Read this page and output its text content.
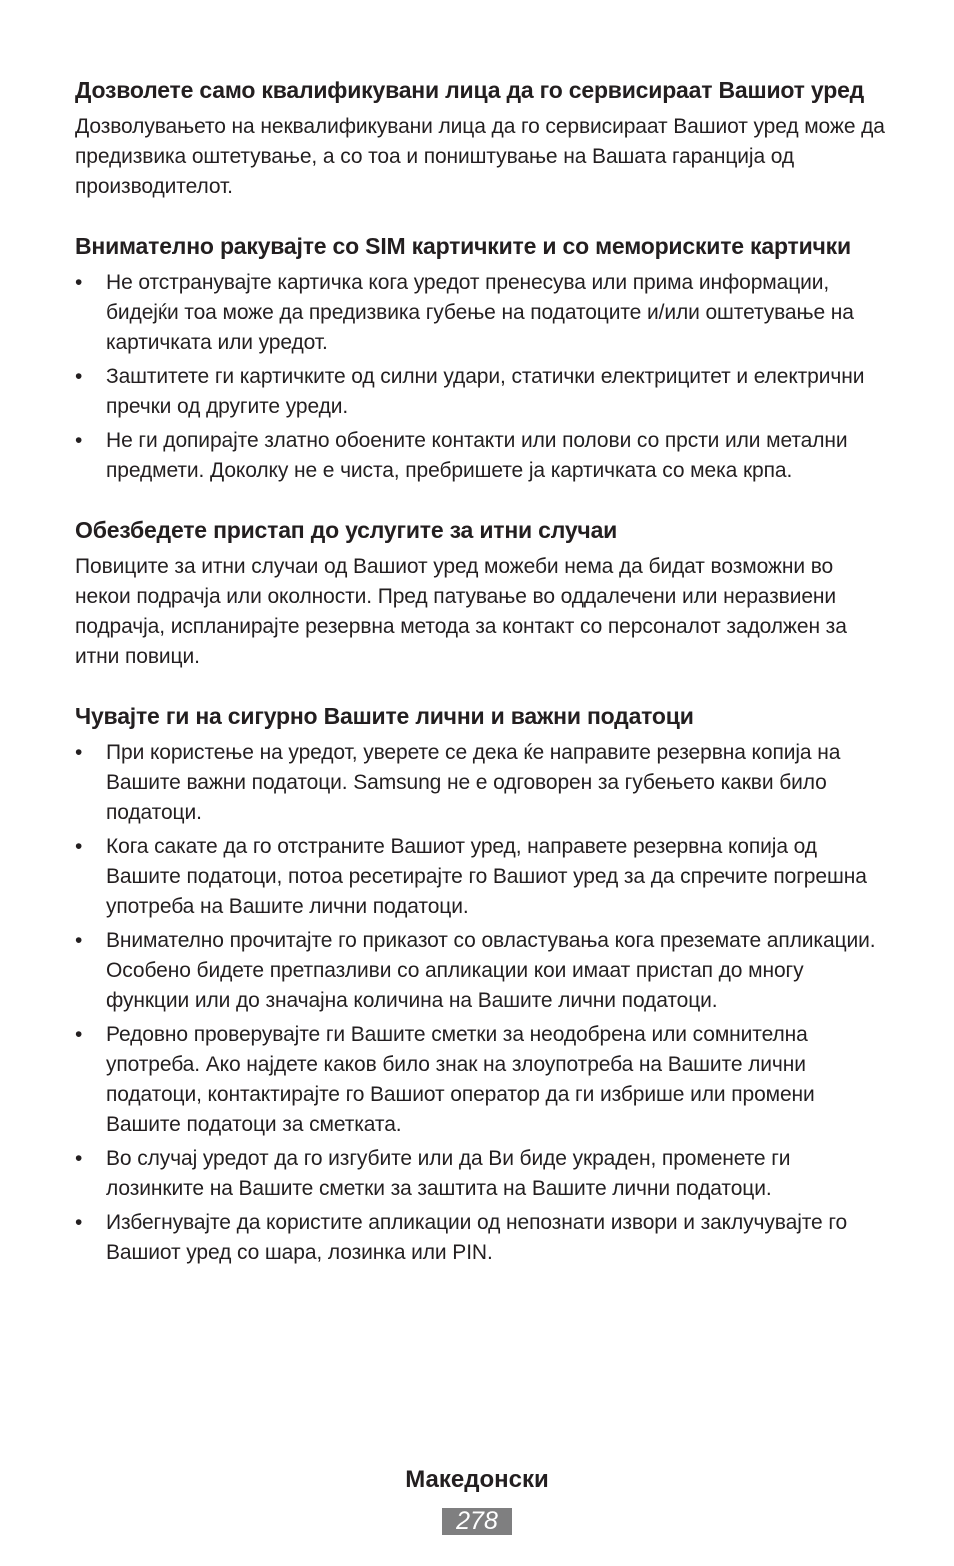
Дозволете само квалификувани лица да го сервисираат Вашиот уред

Дозволувањето на неквалификувани лица да го сервисираат Вашиот уред може да предизвика оштетување, а со тоа и поништување на Вашата гаранција од производителот.

Внимателно ракувајте со SIM картичките и со мемориските картички
•	Не отстранувајте картичка кога уредот пренесува или прима информации, бидејќи тоа може да предизвика губење на податоците и/или оштетување на картичката или уредот.
•	Заштитете ги картичките од силни удари, статички електрицитет и електрични пречки од другите уреди.
•	Не ги допирајте златно обоените контакти или полови со прсти или метални предмети. Доколку не е чиста, пребришете ја картичката со мека крпа.
Обезбедете пристап до услугите за итни случаи

Повиците за итни случаи од Вашиот уред можеби нема да бидат возможни во некои подрачја или околности. Пред патување во оддалечени или неразвиени подрачја, испланирајте резервна метода за контакт со персоналот задолжен за итни повици.

Чувајте ги на сигурно Вашите лични и важни податоци
•	При користење на уредот, уверете се дека ќе направите резервна копија на Вашите важни податоци. Samsung не е одговорен за губењето какви било податоци.
•	Кога сакате да го отстраните Вашиот уред, направете резервна копија од Вашите податоци, потоа ресетирајте го Вашиот уред за да спречите погрешна употреба на Вашите лични податоци.
•	Внимателно прочитајте го приказот со овластувања кога преземате апликации. Особено бидете претпазливи со апликации кои имаат пристап до многу функции или до значајна количина на Вашите лични податоци.
•	Редовно проверувајте ги Вашите сметки за неодобрена или сомнителна употреба. Ако најдете каков било знак на злоупотреба на Вашите лични податоци, контактирајте го Вашиот оператор да ги избрише или промени Вашите податоци за сметката.
•	Во случај уредот да го изгубите или да Ви биде украден, променете ги лозинките на Вашите сметки за заштита на Вашите лични податоци.
•	Избегнувајте да користите апликации од непознати извори и заклучувајте го Вашиот уред со шара, лозинка или PIN.
Македонски
278
